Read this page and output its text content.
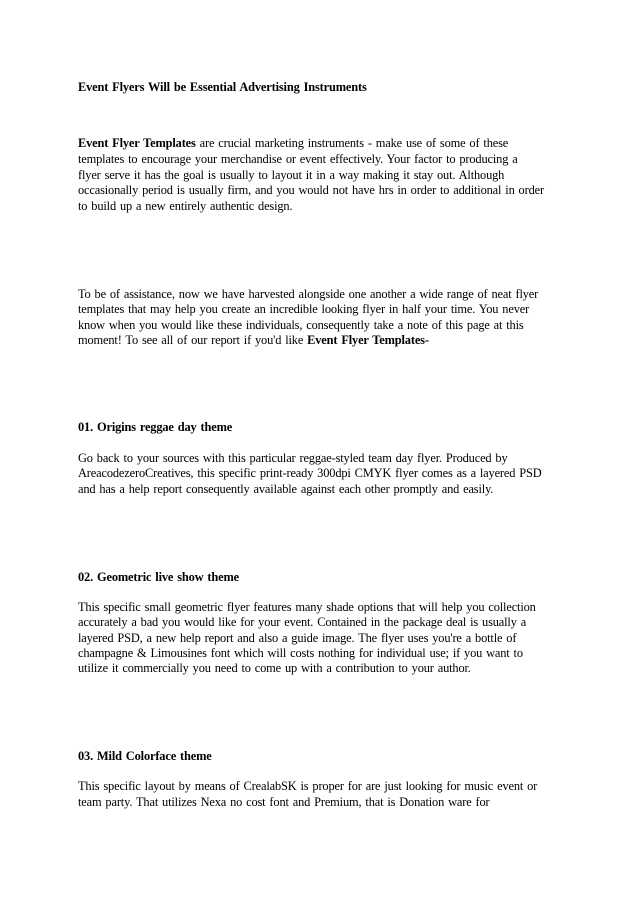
Event Flyers Will be Essential Advertising Instruments
Event Flyer Templates are crucial marketing instruments - make use of some of these
templates to encourage your merchandise or event effectively. Your factor to producing a
flyer serve it has the goal is usually to layout it in a way making it stay out. Although
occasionally period is usually firm, and you would not have hrs in order to additional in order
to build up a new entirely authentic design.
To be of assistance, now we have harvested alongside one another a wide range of neat flyer
templates that may help you create an incredible looking flyer in half your time. You never
know when you would like these individuals, consequently take a note of this page at this
moment! To see all of our report if you'd like Event Flyer Templates-
01. Origins reggae day theme
Go back to your sources with this particular reggae-styled team day flyer. Produced by
AreacodezeroCreatives, this specific print-ready 300dpi CMYK flyer comes as a layered PSD
and has a help report consequently available against each other promptly and easily.
02. Geometric live show theme
This specific small geometric flyer features many shade options that will help you collection
accurately a bad you would like for your event. Contained in the package deal is usually a
layered PSD, a new help report and also a guide image. The flyer uses you're a bottle of
champagne & Limousines font which will costs nothing for individual use; if you want to
utilize it commercially you need to come up with a contribution to your author.
03. Mild Colorface theme
This specific layout by means of CrealabSK is proper for are just looking for music event or
team party. That utilizes Nexa no cost font and Premium, that is Donation ware for
